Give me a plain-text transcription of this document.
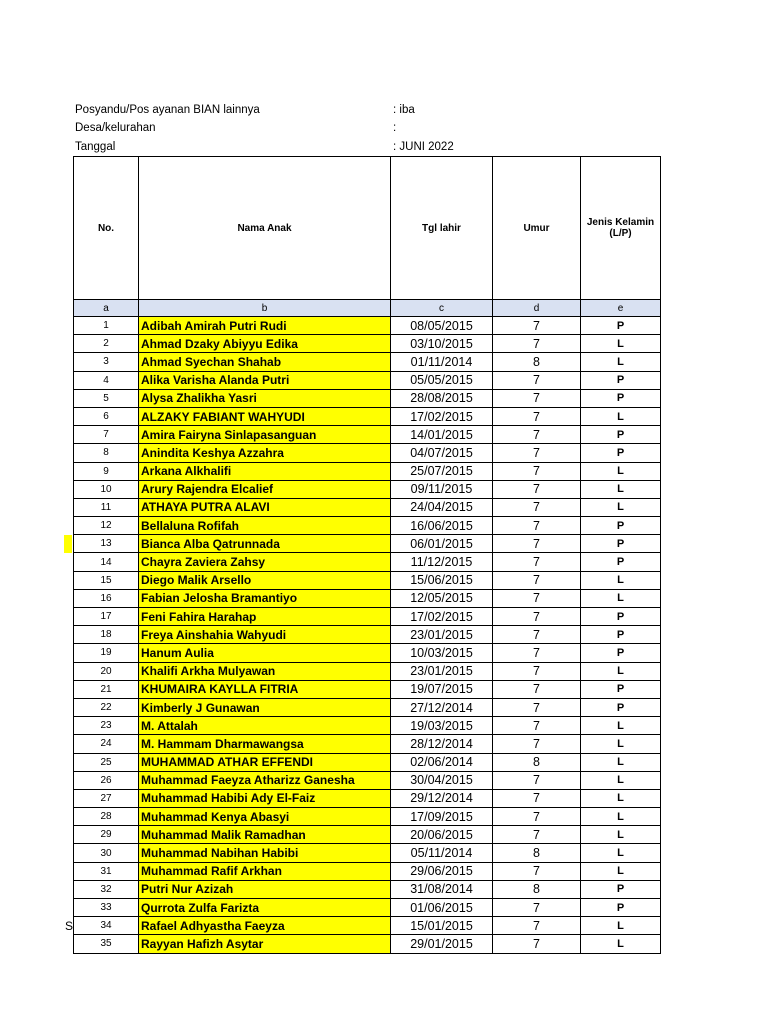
Posyandu/Pos ayanan BIAN lainnya	: iba
Desa/kelurahan	:
Tanggal	: JUNI 2022
No.	Nama Anak	Tgl lahir	Umur	Jenis Kelamin (L/P)
a	b	c	d	e
1	Adibah Amirah Putri Rudi	08/05/2015	7	P
2	Ahmad Dzaky Abiyyu Edika	03/10/2015	7	L
3	Ahmad Syechan Shahab	01/11/2014	8	L
4	Alika Varisha Alanda Putri	05/05/2015	7	P
5	Alysa Zhalikha Yasri	28/08/2015	7	P
6	ALZAKY FABIANT WAHYUDI	17/02/2015	7	L
7	Amira Fairyna Sinlapasanguan	14/01/2015	7	P
8	Anindita Keshya Azzahra	04/07/2015	7	P
9	Arkana Alkhalifi	25/07/2015	7	L
10	Arury Rajendra Elcalief	09/11/2015	7	L
11	ATHAYA PUTRA ALAVI	24/04/2015	7	L
12	Bellaluna Rofifah	16/06/2015	7	P
13	Bianca Alba Qatrunnada	06/01/2015	7	P
14	Chayra Zaviera Zahsy	11/12/2015	7	P
15	Diego Malik Arsello	15/06/2015	7	L
16	Fabian Jelosha Bramantiyo	12/05/2015	7	L
17	Feni Fahira Harahap	17/02/2015	7	P
18	Freya Ainshahia Wahyudi	23/01/2015	7	P
19	Hanum Aulia	10/03/2015	7	P
20	Khalifi Arkha Mulyawan	23/01/2015	7	L
21	KHUMAIRA KAYLLA FITRIA	19/07/2015	7	P
22	Kimberly J Gunawan	27/12/2014	7	P
23	M. Attalah	19/03/2015	7	L
24	M. Hammam Dharmawangsa	28/12/2014	7	L
25	MUHAMMAD ATHAR EFFENDI	02/06/2014	8	L
26	Muhammad Faeyza Atharizz Ganesha	30/04/2015	7	L
27	Muhammad Habibi Ady El-Faiz	29/12/2014	7	L
28	Muhammad Kenya Abasyi	17/09/2015	7	L
29	Muhammad Malik Ramadhan	20/06/2015	7	L
30	Muhammad Nabihan Habibi	05/11/2014	8	L
31	Muhammad Rafif Arkhan	29/06/2015	7	L
32	Putri Nur Azizah	31/08/2014	8	P
33	Qurrota Zulfa Farizta	01/06/2015	7	P
34	Rafael Adhyastha Faeyza	15/01/2015	7	L
35	Rayyan Hafizh Asytar	29/01/2015	7	L
S
